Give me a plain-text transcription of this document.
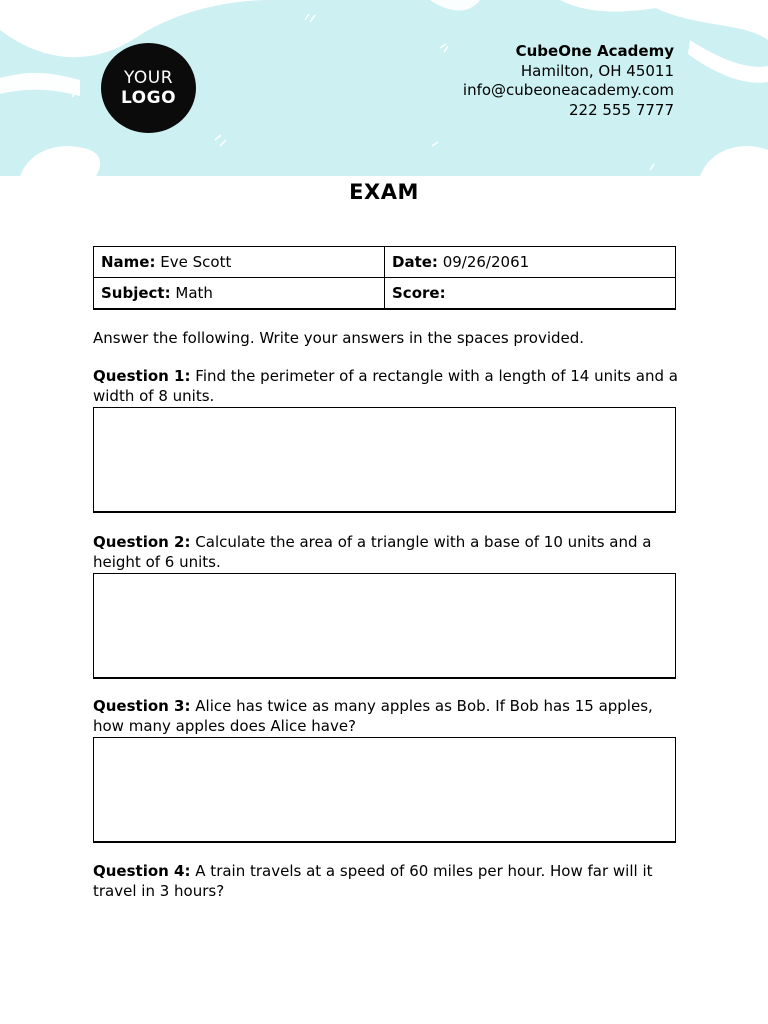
YOUR
LOGO
CubeOne Academy
Hamilton, OH 45011
info@cubeoneacademy.com
222 555 7777
EXAM
Name: Eve Scott	Date: 09/26/2061
Subject: Math	Score:
Answer the following. Write your answers in the spaces provided.
Question 1: Find the perimeter of a rectangle with a length of 14 units and a width of 8 units.
Question 2: Calculate the area of a triangle with a base of 10 units and a height of 6 units.
Question 3: Alice has twice as many apples as Bob. If Bob has 15 apples, how many apples does Alice have?
Question 4: A train travels at a speed of 60 miles per hour. How far will it travel in 3 hours?
